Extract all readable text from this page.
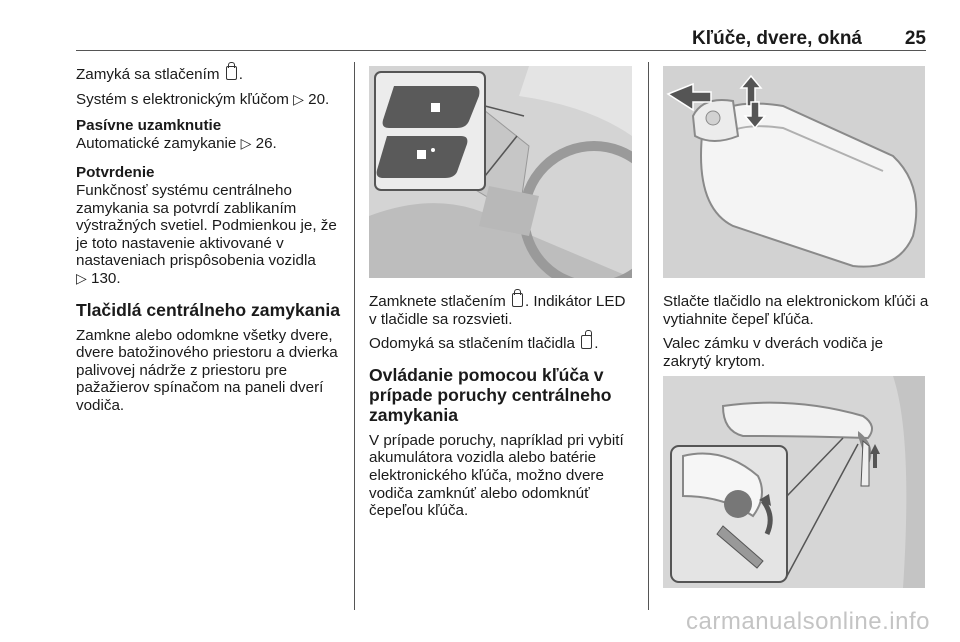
Kľúče, dvere, okná 25

Zamyká sa stlačením .

Systém s elektronickým kľúčom ▷ 20.

Pasívne uzamknutie

Automatické zamykanie ▷ 26.

Potvrdenie

Funkčnosť systému centrálneho zamykania sa potvrdí zablikaním výstražných svetiel. Podmienkou je, že je toto nastavenie aktivované v nastaveniach prispôsobenia vozidla
▷ 130.

Tlačidlá centrálneho zamykania

Zamkne alebo odomkne všetky dvere, dvere batožinového priestoru a dvierka palivovej nádrže z priestoru pre pažažierov spínačom na paneli dverí vodiča.

Zamknete stlačením . Indikátor LED v tlačidle sa rozsvieti.

Odomyká sa stlačením tlačidla .

Ovládanie pomocou kľúča v prípade poruchy centrálneho zamykania

V prípade poruchy, napríklad pri vybití akumulátora vozidla alebo batérie elektronického kľúča, možno dvere vodiča zamknúť alebo odomknúť čepeľou kľúča.

Stlačte tlačidlo na elektronickom kľúči a vytiahnite čepeľ kľúča.

Valec zámku v dverách vodiča je zakrytý krytom.

carmanualsonline.info
